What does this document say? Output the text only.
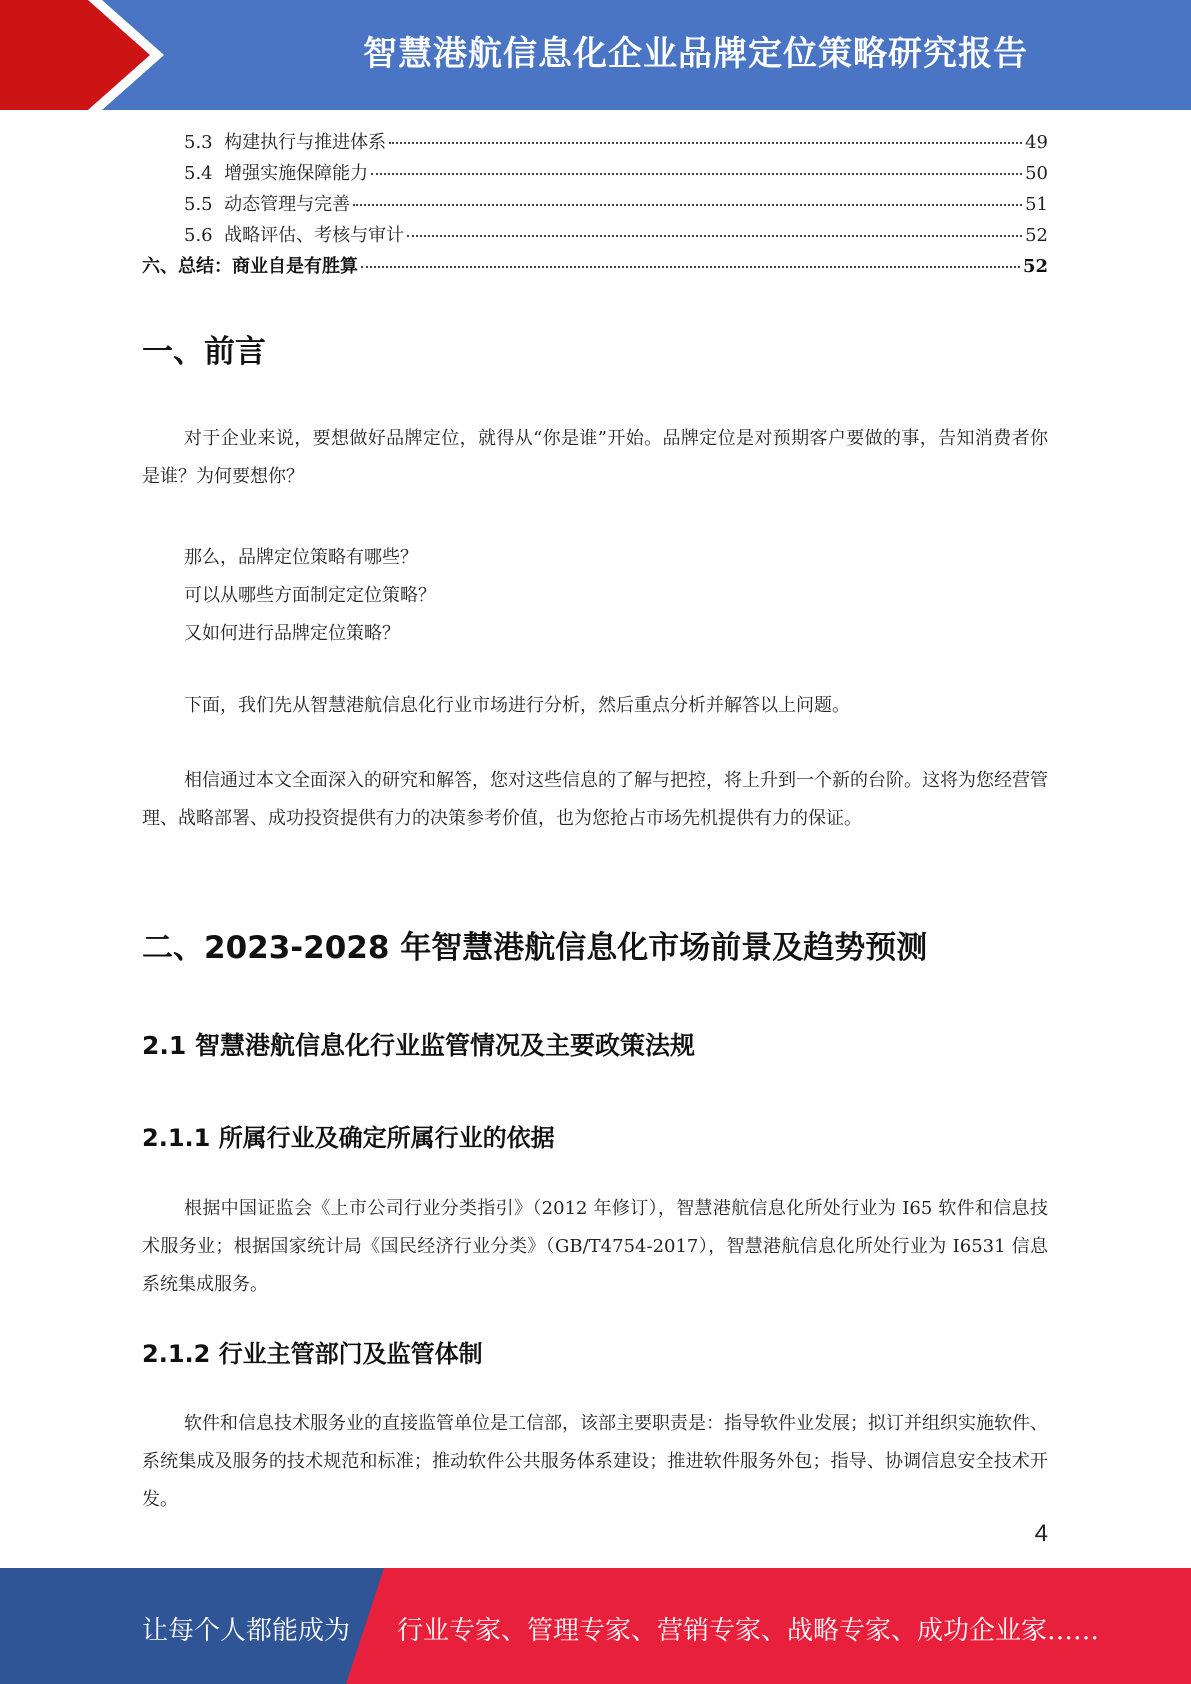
智慧港航信息化企业品牌定位策略研究报告
5.3 构建执行与推进体系	49
5.4 增强实施保障能力	50
5.5 动态管理与完善	51
5.6 战略评估、考核与审计	52
六、总结：商业自是有胜算	52
一、前言

对于企业来说，要想做好品牌定位，就得从“你是谁”开始。品牌定位是对预期客户要做的事，告知消费者你是谁？为何要想你？

那么，品牌定位策略有哪些？
可以从哪些方面制定定位策略？
又如何进行品牌定位策略？

下面，我们先从智慧港航信息化行业市场进行分析，然后重点分析并解答以上问题。

相信通过本文全面深入的研究和解答，您对这些信息的了解与把控，将上升到一个新的台阶。这将为您经营管理、战略部署、成功投资提供有力的决策参考价值，也为您抢占市场先机提供有力的保证。

二、2023-2028 年智慧港航信息化市场前景及趋势预测
2.1 智慧港航信息化行业监管情况及主要政策法规
2.1.1 所属行业及确定所属行业的依据

根据中国证监会《上市公司行业分类指引》（2012 年修订），智慧港航信息化所处行业为 I65 软件和信息技术服务业；根据国家统计局《国民经济行业分类》（GB/T4754-2017），智慧港航信息化所处行业为 I6531 信息系统集成服务。

2.1.2 行业主管部门及监管体制

软件和信息技术服务业的直接监管单位是工信部，该部主要职责是：指导软件业发展；拟订并组织实施软件、系统集成及服务的技术规范和标准；推动软件公共服务体系建设；推进软件服务外包；指导、协调信息安全技术开发。

4
让每个人都能成为 行业专家、管理专家、营销专家、战略专家、成功企业家……
